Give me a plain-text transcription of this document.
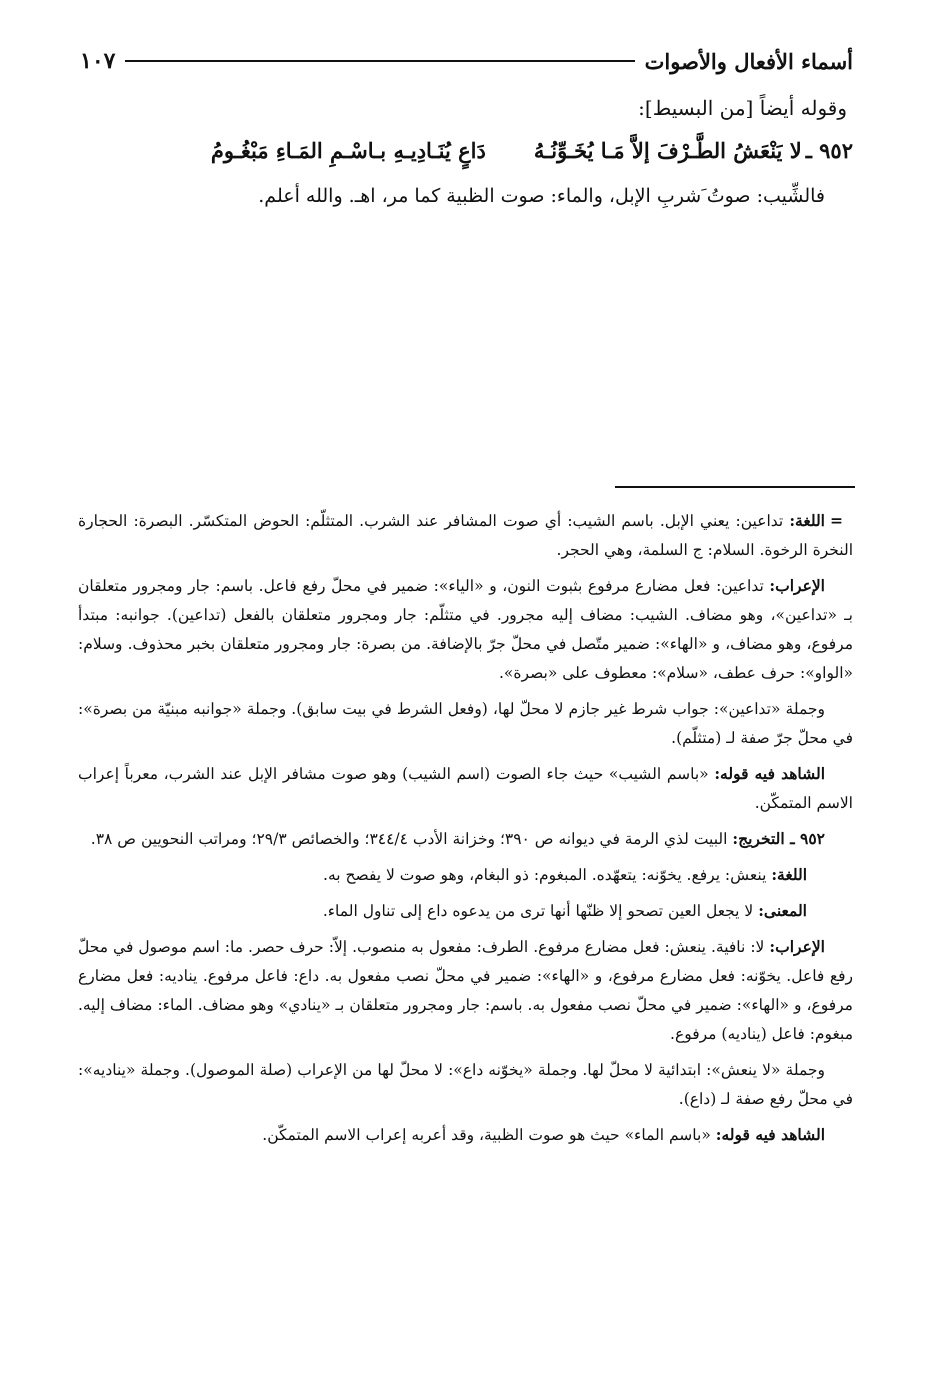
أسماء الأفعال والأصوات
١٠٧
وقوله أيضاً [من البسيط]:
٩٥٢ ـ
لا يَنْعَشُ الطَّـرْفَ إلاَّ مَـا يُخَـوِّنُـهُ
دَاعٍ يُنَـادِيـهِ بـاسْـمِ المَـاءِ مَبْغُـومُ
فالشِّيب: صوتُ َشربِ الإبل، والماء: صوت الظبية كما مر، اهـ. والله أعلم.

=
اللغة: تداعين: يعني الإبل. باسم الشيب: أي صوت المشافر عند الشرب. المتثلّم: الحوض المتكسّر. البصرة: الحجارة النخرة الرخوة. السلام: ج السلمة، وهي الحجر.

الإعراب: تداعين: فعل مضارع مرفوع بثبوت النون، و «الياء»: ضمير في محلّ رفع فاعل. باسم: جار ومجرور متعلقان بـ «تداعين»، وهو مضاف. الشيب: مضاف إليه مجرور. في متثلّم: جار ومجرور متعلقان بالفعل (تداعين). جوانبه: مبتدأ مرفوع، وهو مضاف، و «الهاء»: ضمير متّصل في محلّ جرّ بالإضافة. من بصرة: جار ومجرور متعلقان بخبر محذوف. وسلام: «الواو»: حرف عطف، «سلام»: معطوف على «بصرة».

وجملة «تداعين»: جواب شرط غير جازم لا محلّ لها، (وفعل الشرط في بيت سابق). وجملة «جوانبه مبنيّة من بصرة»: في محلّ جرّ صفة لـ (متثلّم).

الشاهد فيه قوله: «باسم الشيب» حيث جاء الصوت (اسم الشيب) وهو صوت مشافر الإبل عند الشرب، معرباً إعراب الاسم المتمكّن.

٩٥٢ ـ التخريج: البيت لذي الرمة في ديوانه ص ٣٩٠؛ وخزانة الأدب ٣٤٤/٤؛ والخصائص ٢٩/٣؛ ومراتب النحويين ص ٣٨.

اللغة: ينعش: يرفع. يخوّنه: يتعهّده. المبغوم: ذو البغام، وهو صوت لا يفصح به.

المعنى: لا يجعل العين تصحو إلا ظنّها أنها ترى من يدعوه داع إلى تناول الماء.

الإعراب: لا: نافية. ينعش: فعل مضارع مرفوع. الطرف: مفعول به منصوب. إلاّ: حرف حصر. ما: اسم موصول في محلّ رفع فاعل. يخوّنه: فعل مضارع مرفوع، و «الهاء»: ضمير في محلّ نصب مفعول به. داع: فاعل مرفوع. يناديه: فعل مضارع مرفوع، و «الهاء»: ضمير في محلّ نصب مفعول به. باسم: جار ومجرور متعلقان بـ «ينادي» وهو مضاف. الماء: مضاف إليه. مبغوم: فاعل (يناديه) مرفوع.

وجملة «لا ينعش»: ابتدائية لا محلّ لها. وجملة «يخوّنه داع»: لا محلّ لها من الإعراب (صلة الموصول). وجملة «يناديه»: في محلّ رفع صفة لـ (داع).

الشاهد فيه قوله: «باسم الماء» حيث هو صوت الظبية، وقد أعربه إعراب الاسم المتمكّن.
